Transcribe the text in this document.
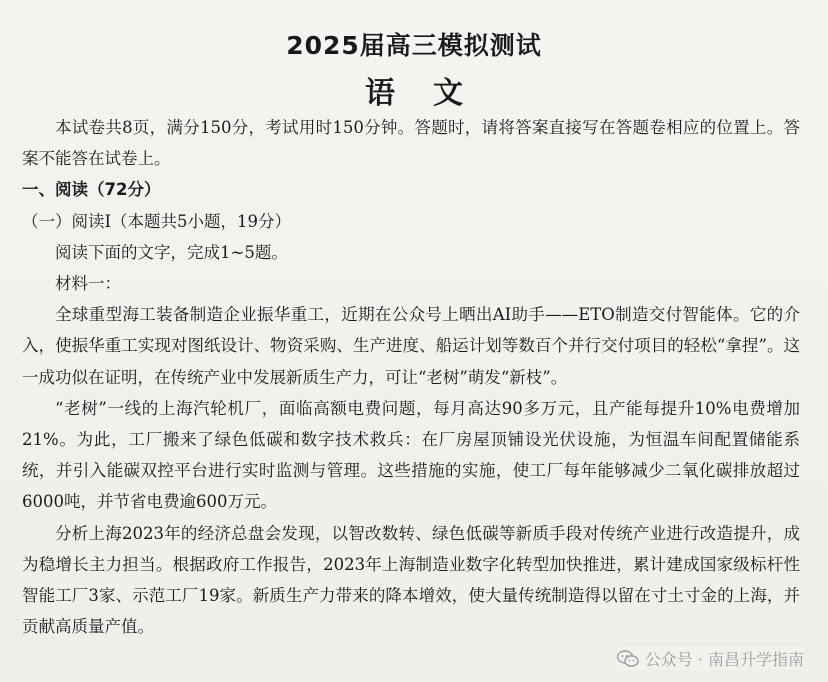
2025届高三模拟测试
语文

本试卷共8页，满分150分，考试用时150分钟。答题时，请将答案直接写在答题卷相应的位置上。答案不能答在试卷上。

一、阅读（72分）

（一）阅读Ⅰ（本题共5小题，19分）

阅读下面的文字，完成1~5题。

材料一：

全球重型海工装备制造企业振华重工，近期在公众号上晒出AI助手——ETO制造交付智能体。它的介入，使振华重工实现对图纸设计、物资采购、生产进度、船运计划等数百个并行交付项目的轻松“拿捏”。这一成功似在证明，在传统产业中发展新质生产力，可让“老树”萌发“新枝”。

“老树”一线的上海汽轮机厂，面临高额电费问题，每月高达90多万元，且产能每提升10%电费增加21%。为此，工厂搬来了绿色低碳和数字技术救兵：在厂房屋顶铺设光伏设施，为恒温车间配置储能系统，并引入能碳双控平台进行实时监测与管理。这些措施的实施，使工厂每年能够减少二氧化碳排放超过6000吨，并节省电费逾600万元。

分析上海2023年的经济总盘会发现，以智改数转、绿色低碳等新质手段对传统产业进行改造提升，成为稳增长主力担当。根据政府工作报告，2023年上海制造业数字化转型加快推进，累计建成国家级标杆性智能工厂3家、示范工厂19家。新质生产力带来的降本增效，使大量传统制造得以留在寸土寸金的上海，并贡献高质量产值。

公众号 · 南昌升学指南
